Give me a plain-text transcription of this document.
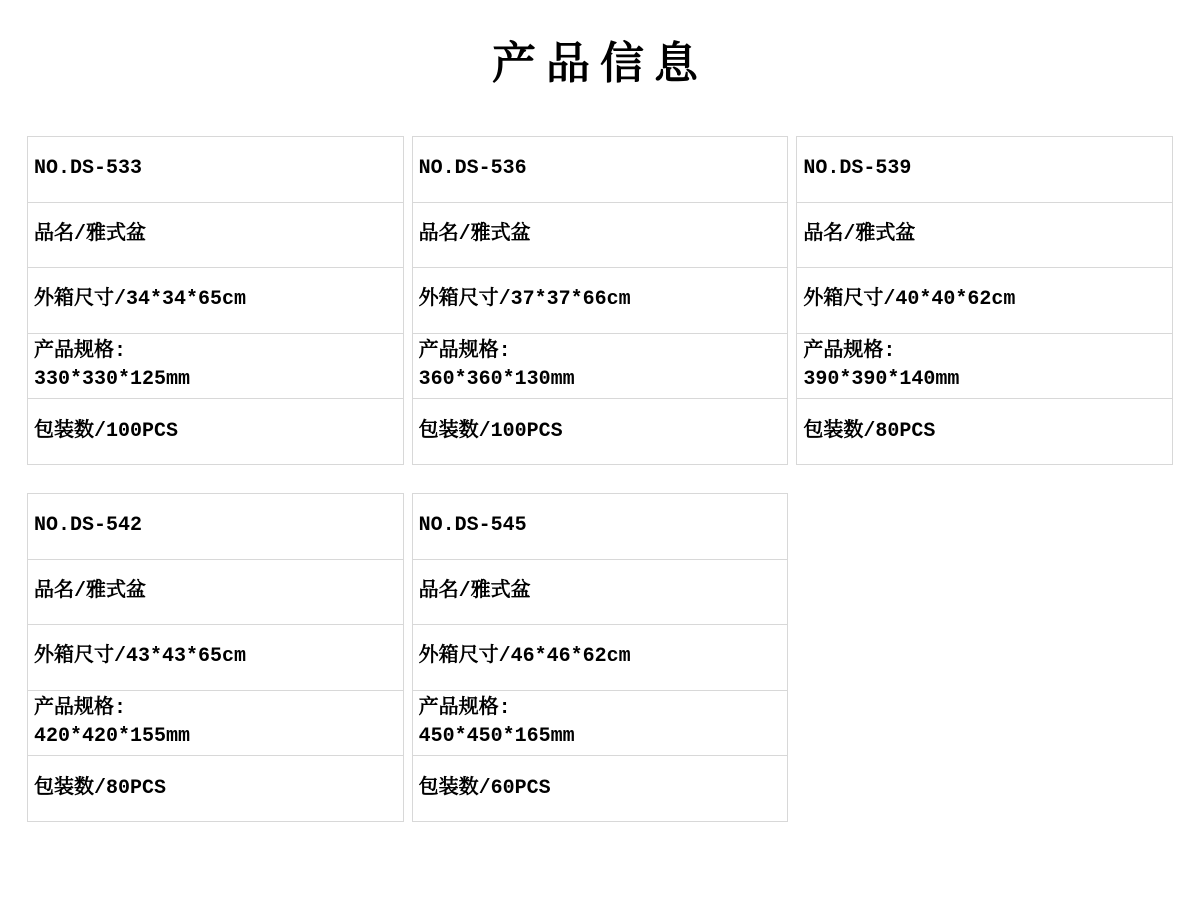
产品信息
NO.DS-533
品名/雅式盆
外箱尺寸/34*34*65cm
产品规格:
330*330*125mm
包装数/100PCS
NO.DS-536
品名/雅式盆
外箱尺寸/37*37*66cm
产品规格:
360*360*130mm
包装数/100PCS
NO.DS-539
品名/雅式盆
外箱尺寸/40*40*62cm
产品规格:
390*390*140mm
包装数/80PCS
NO.DS-542
品名/雅式盆
外箱尺寸/43*43*65cm
产品规格:
420*420*155mm
包装数/80PCS
NO.DS-545
品名/雅式盆
外箱尺寸/46*46*62cm
产品规格:
450*450*165mm
包装数/60PCS
